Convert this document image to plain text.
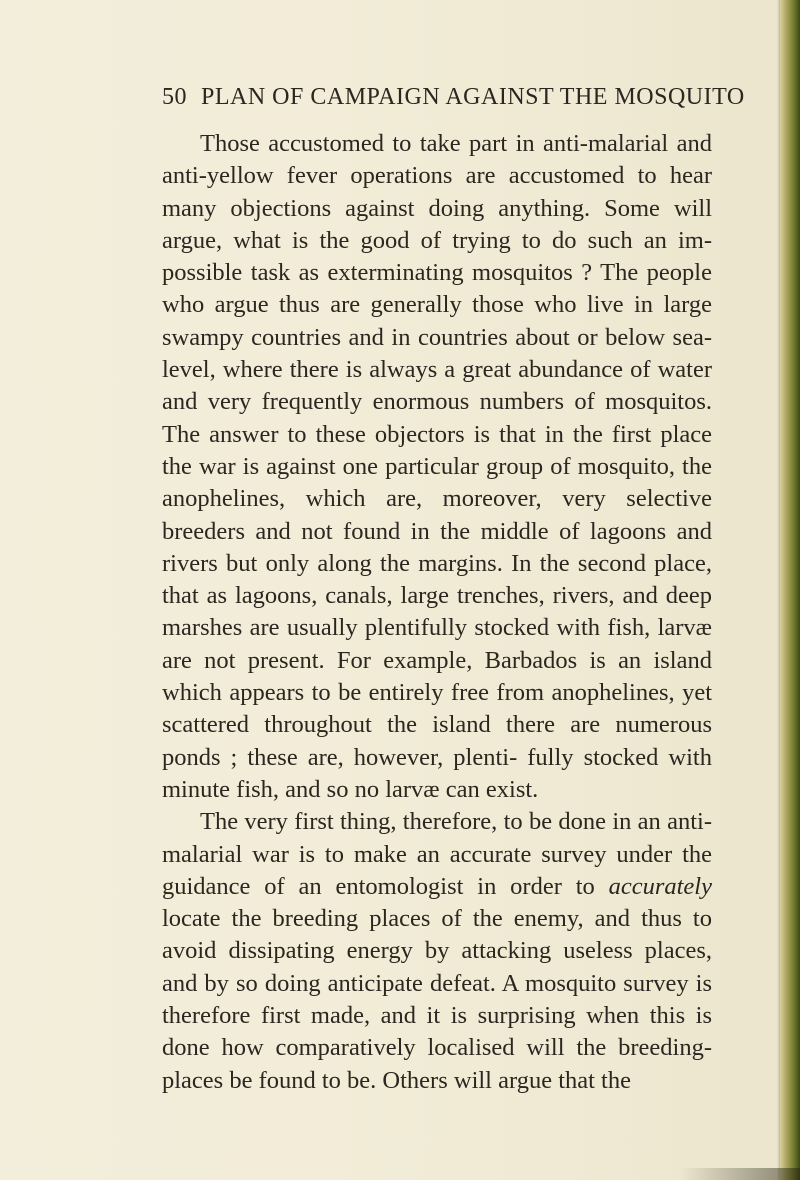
50 PLAN OF CAMPAIGN AGAINST THE MOSQUITO

Those accustomed to take part in anti-malarial and anti-yellow fever operations are accustomed to hear many objections against doing anything. Some will argue, what is the good of trying to do such an im- possible task as exterminating mosquitos ? The people who argue thus are generally those who live in large swampy countries and in countries about or below sea- level, where there is always a great abundance of water and very frequently enormous numbers of mosquitos. The answer to these objectors is that in the first place the war is against one particular group of mosquito, the anophelines, which are, moreover, very selective breeders and not found in the middle of lagoons and rivers but only along the margins. In the second place, that as lagoons, canals, large trenches, rivers, and deep marshes are usually plentifully stocked with fish, larvæ are not present. For example, Barbados is an island which appears to be entirely free from anophelines, yet scattered throughout the island there are numerous ponds ; these are, however, plenti- fully stocked with minute fish, and so no larvæ can exist.

The very first thing, therefore, to be done in an anti-malarial war is to make an accurate survey under the guidance of an entomologist in order to accurately locate the breeding places of the enemy, and thus to avoid dissipating energy by attacking useless places, and by so doing anticipate defeat. A mosquito survey is therefore first made, and it is surprising when this is done how comparatively localised will the breeding- places be found to be. Others will argue that the
